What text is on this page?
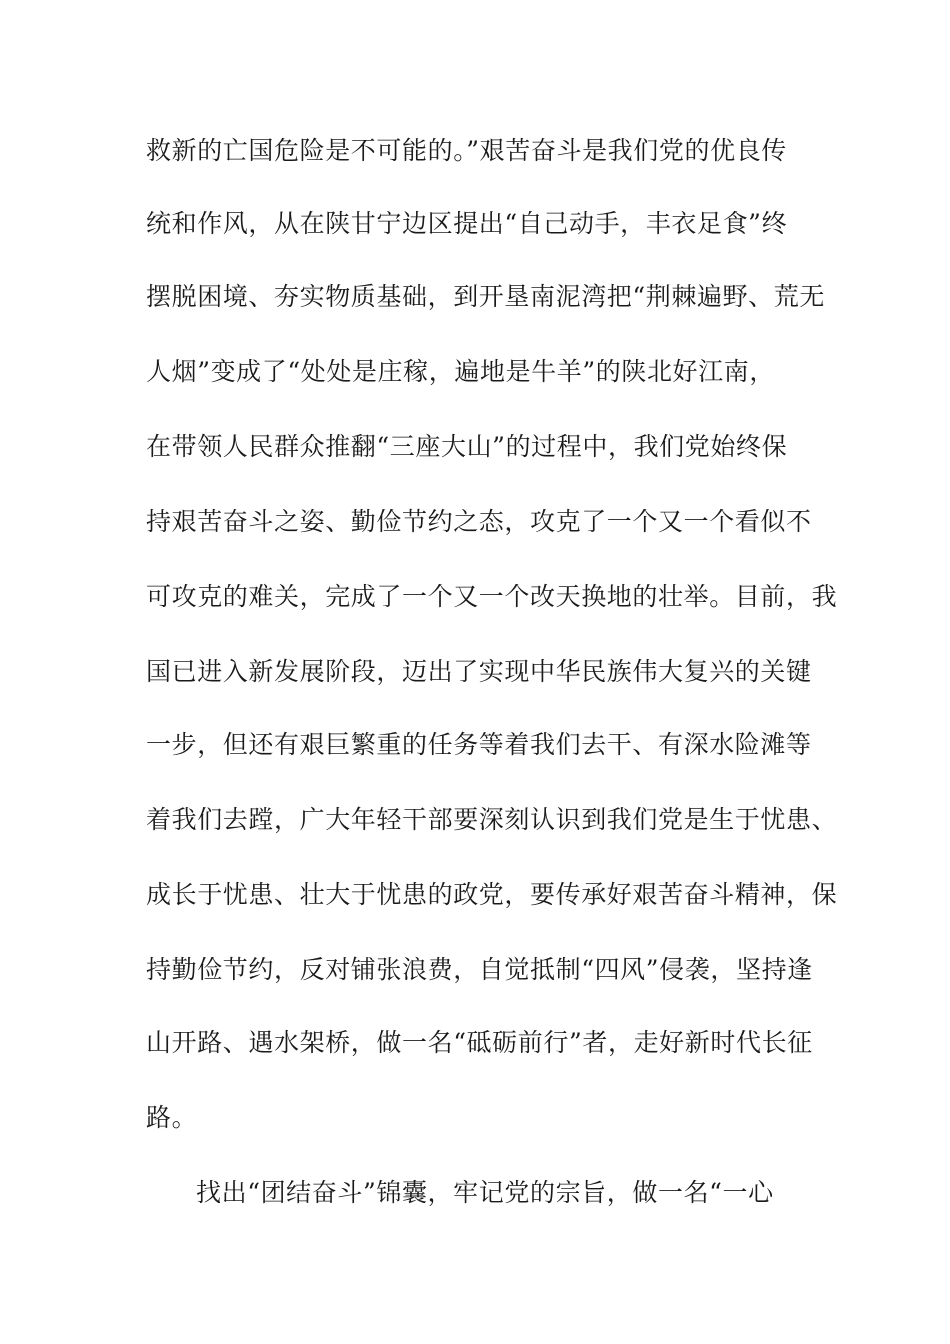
救新的亡国危险是不可能的。”艰苦奋斗是我们党的优良传
统和作风，从在陕甘宁边区提出“自己动手，丰衣足食”终
摆脱困境、夯实物质基础，到开垦南泥湾把“荆棘遍野、荒无
人烟”变成了“处处是庄稼，遍地是牛羊”的陕北好江南，
在带领人民群众推翻“三座大山”的过程中，我们党始终保
持艰苦奋斗之姿、勤俭节约之态，攻克了一个又一个看似不
可攻克的难关，完成了一个又一个改天换地的壮举。目前，我
国已进入新发展阶段，迈出了实现中华民族伟大复兴的关键
一步，但还有艰巨繁重的任务等着我们去干、有深水险滩等
着我们去蹚，广大年轻干部要深刻认识到我们党是生于忧患、
成长于忧患、壮大于忧患的政党，要传承好艰苦奋斗精神，保
持勤俭节约，反对铺张浪费，自觉抵制“四风”侵袭，坚持逢
山开路、遇水架桥，做一名“砥砺前行”者，走好新时代长征
路。
找出“团结奋斗”锦囊，牢记党的宗旨，做一名“一心
